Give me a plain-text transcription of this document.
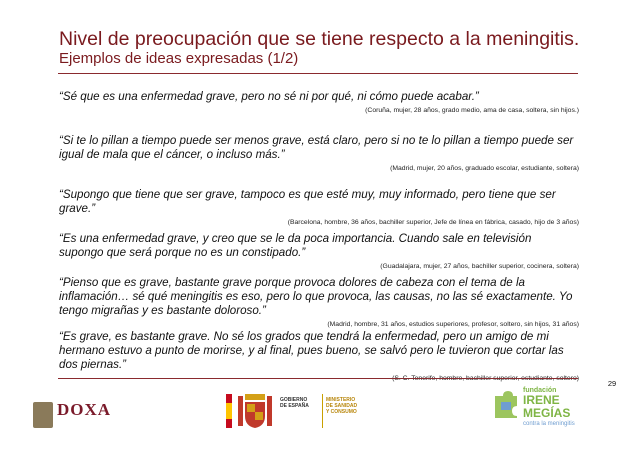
Nivel de preocupación que se tiene respecto a la meningitis.
Ejemplos de ideas expresadas (1/2)
“Sé que es una enfermedad grave, pero no sé ni por qué, ni cómo puede acabar.”
(Coruña, mujer, 28 años, grado medio, ama de casa, soltera, sin hijos.)
“Si te lo pillan a tiempo puede ser menos grave, está claro, pero si no te lo pillan a tiempo puede ser igual de mala que el cáncer, o incluso más.”
(Madrid, mujer, 20 años, graduado escolar, estudiante, soltera)
“Supongo que tiene que ser grave, tampoco es que esté muy, muy informado, pero tiene que ser grave.”
(Barcelona, hombre, 36 años, bachiller superior, Jefe de línea en fábrica, casado, hijo de 3 años)
“Es una enfermedad grave, y creo que se le da poca importancia. Cuando sale en televisión supongo que será porque no es un constipado.”
(Guadalajara, mujer, 27 años, bachiller superior, cocinera, soltera)
“Pienso que es grave, bastante grave porque provoca dolores de cabeza con el tema de la inflamación… sé qué meningitis es eso, pero lo que provoca, las causas, no las sé exactamente. Yo tengo migrañas y es bastante doloroso.”
(Madrid, hombre, 31 años, estudios superiores, profesor, soltero, sin hijos, 31 años)
“Es grave, es bastante grave. No sé los grados que tendrá la enfermedad, pero un amigo de mi hermano estuvo a punto de morirse, y al final, pues bueno, se salvó pero le tuvieron que cortar las dos piernas.”
(S. C. Tenerife, hombre, bachiller superior, estudiante, soltero)
29
DOXA	GOBIERNO
DE ESPAÑA
MINISTERIO
DE SANIDAD
Y CONSUMO
fundación
IRENE
MEGÍAS
contra la meningitis
